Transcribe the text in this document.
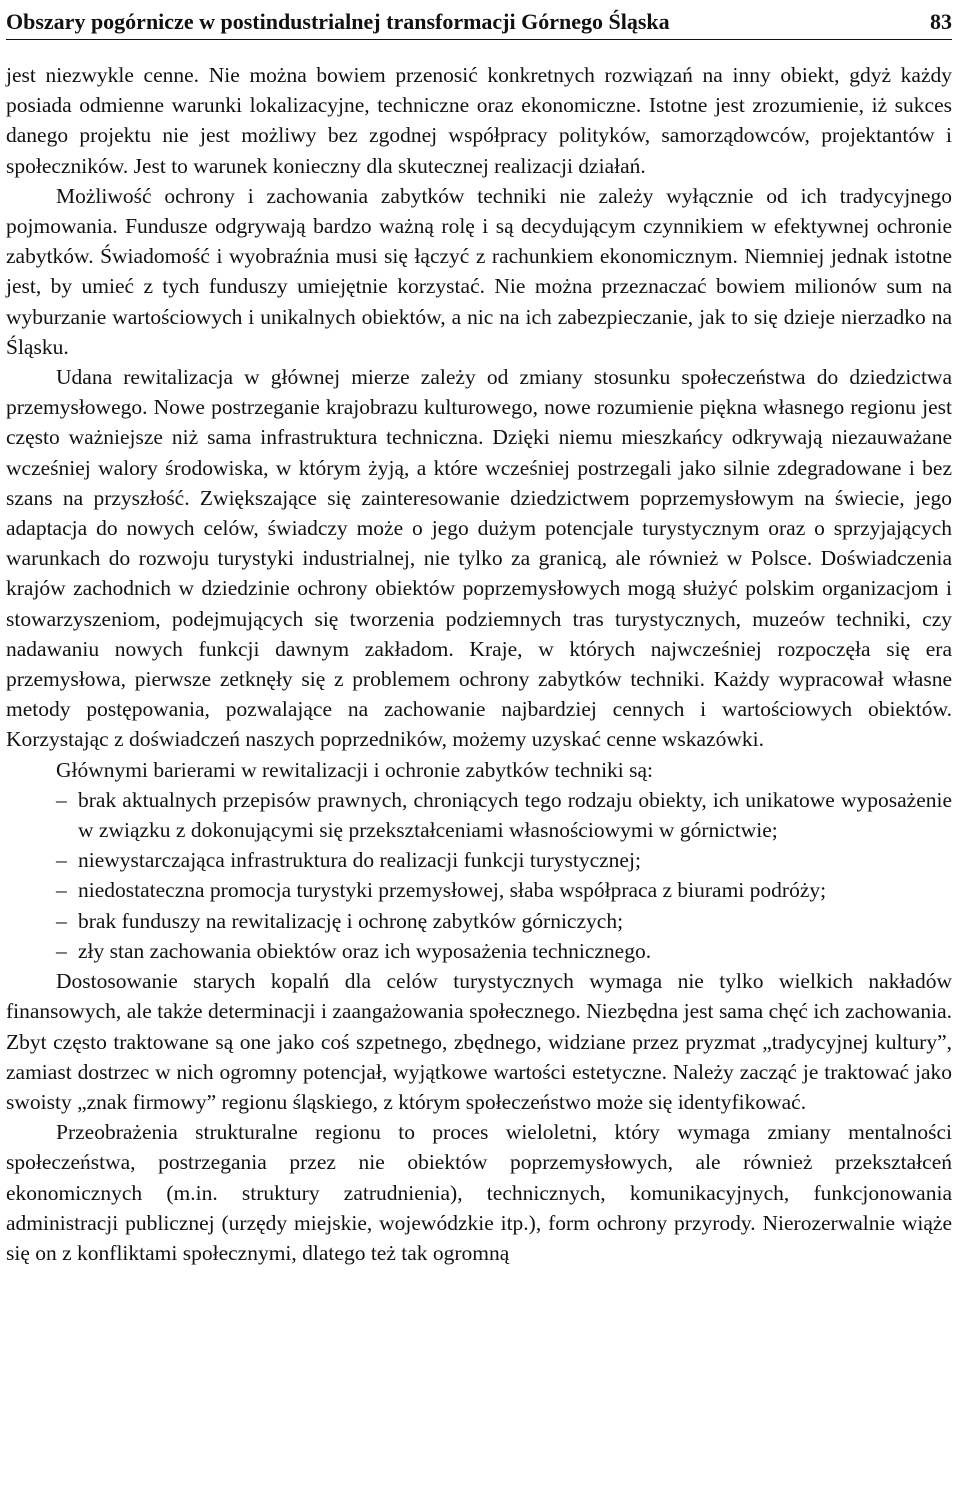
Obszary pogórnicze w postindustrialnej transformacji Górnego Śląska	83

jest niezwykle cenne. Nie można bowiem przenosić konkretnych rozwiązań na inny obiekt, gdyż każdy posiada odmienne warunki lokalizacyjne, techniczne oraz ekonomiczne. Istotne jest zrozumienie, iż sukces danego projektu nie jest możliwy bez zgodnej współpracy polityków, samorządowców, projektantów i społeczników. Jest to warunek konieczny dla skutecznej realizacji działań.

Możliwość ochrony i zachowania zabytków techniki nie zależy wyłącznie od ich tradycyjnego pojmowania. Fundusze odgrywają bardzo ważną rolę i są decydującym czynnikiem w efektywnej ochronie zabytków. Świadomość i wyobraźnia musi się łączyć z rachunkiem ekonomicznym. Niemniej jednak istotne jest, by umieć z tych funduszy umiejętnie korzystać. Nie można przeznaczać bowiem milionów sum na wyburzanie wartościowych i unikalnych obiektów, a nic na ich zabezpieczanie, jak to się dzieje nierzadko na Śląsku.

Udana rewitalizacja w głównej mierze zależy od zmiany stosunku społeczeństwa do dziedzictwa przemysłowego. Nowe postrzeganie krajobrazu kulturowego, nowe rozumienie piękna własnego regionu jest często ważniejsze niż sama infrastruktura techniczna. Dzięki niemu mieszkańcy odkrywają niezauważane wcześniej walory środowiska, w którym żyją, a które wcześniej postrzegali jako silnie zdegradowane i bez szans na przyszłość. Zwiększające się zainteresowanie dziedzictwem poprzemysłowym na świecie, jego adaptacja do nowych celów, świadczy może o jego dużym potencjale turystycznym oraz o sprzyjających warunkach do rozwoju turystyki industrialnej, nie tylko za granicą, ale również w Polsce. Doświadczenia krajów zachodnich w dziedzinie ochrony obiektów poprzemysłowych mogą służyć polskim organizacjom i stowarzyszeniom, podejmujących się tworzenia podziemnych tras turystycznych, muzeów techniki, czy nadawaniu nowych funkcji dawnym zakładom. Kraje, w których najwcześniej rozpoczęła się era przemysłowa, pierwsze zetknęły się z problemem ochrony zabytków techniki. Każdy wypracował własne metody postępowania, pozwalające na zachowanie najbardziej cennych i wartościowych obiektów. Korzystając z doświadczeń naszych poprzedników, możemy uzyskać cenne wskazówki.

Głównymi barierami w rewitalizacji i ochronie zabytków techniki są:

– brak aktualnych przepisów prawnych, chroniących tego rodzaju obiekty, ich unikatowe wyposażenie w związku z dokonującymi się przekształceniami własnościowymi w górnictwie;
– niewystarczająca infrastruktura do realizacji funkcji turystycznej;
– niedostateczna promocja turystyki przemysłowej, słaba współpraca z biurami podróży;
– brak funduszy na rewitalizację i ochronę zabytków górniczych;
– zły stan zachowania obiektów oraz ich wyposażenia technicznego.

Dostosowanie starych kopalń dla celów turystycznych wymaga nie tylko wielkich nakładów finansowych, ale także determinacji i zaangażowania społecznego. Niezbędna jest sama chęć ich zachowania. Zbyt często traktowane są one jako coś szpetnego, zbędnego, widziane przez pryzmat „tradycyjnej kultury”, zamiast dostrzec w nich ogromny potencjał, wyjątkowe wartości estetyczne. Należy zacząć je traktować jako swoisty „znak firmowy” regionu śląskiego, z którym społeczeństwo może się identyfikować.

Przeobrażenia strukturalne regionu to proces wieloletni, który wymaga zmiany mentalności społeczeństwa, postrzegania przez nie obiektów poprzemysłowych, ale również przekształceń ekonomicznych (m.in. struktury zatrudnienia), technicznych, komunikacyjnych, funkcjonowania administracji publicznej (urzędy miejskie, wojewódzkie itp.), form ochrony przyrody. Nierozerwalnie wiąże się on z konfliktami społecznymi, dlatego też tak ogromną
